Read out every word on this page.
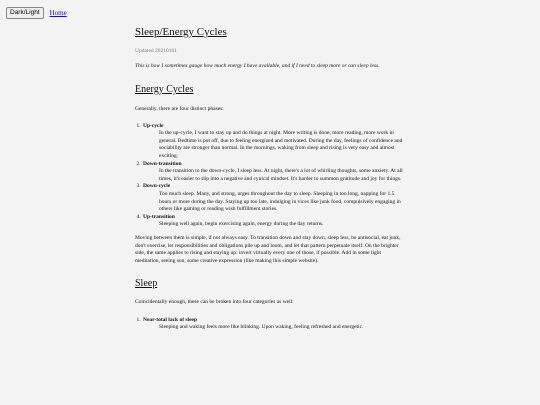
Dark/Light	Home
Sleep/Energy Cycles
Updated 20210101
This is how I sometimes gauge how much energy I have available, and if I need to sleep more or can sleep less.
Energy Cycles

Generally, there are four distinct phases:

1. Up-cycle
In the up-cycle, I want to stay up and do things at night. More writing is done, more reading, more work in general. Bedtime is put off, due to feeling energized and motivated. During the day, feelings of confidence and sociability are stronger than normal. In the mornings, waking from sleep and rising is very easy and almost exciting.
2. Down-transition
In the transition to the down-cycle, I sleep less. At night, there's a lot of whirling thoughts, some anxiety. At all times, it's easier to slip into a negative and cynical mindset. It's harder to summon gratitude and joy for things.
3. Down-cycle
Too much sleep. Many, and strong, urges throughout the day to sleep. Sleeping in too long, napping for 1.5 hours or more during the day. Staying up too late, indulging in vices like junk food, compulsively engaging in others like gaming or reading wish fulfillment stories.
4. Up-transition
Sleeping well again, begin exercising again, energy during the day returns.

Moving between them is simple, if not always easy. To transition down and stay down, sleep less, be antisocial, eat junk, don't exercise, let responsibilities and obligations pile up and loom, and let that pattern perpetuate itself. On the brighter side, the same applies to rising and staying up: invert virtually every one of those, if possible. Add in some light meditation, seeing sun, some creative expression (like making this simple website).

Sleep

Coincidentally enough, these can be broken into four categories as well:

1. Near-total lack of sleep
Sleeping and waking feels more like blinking. Upon waking, feeling refreshed and energetic.
